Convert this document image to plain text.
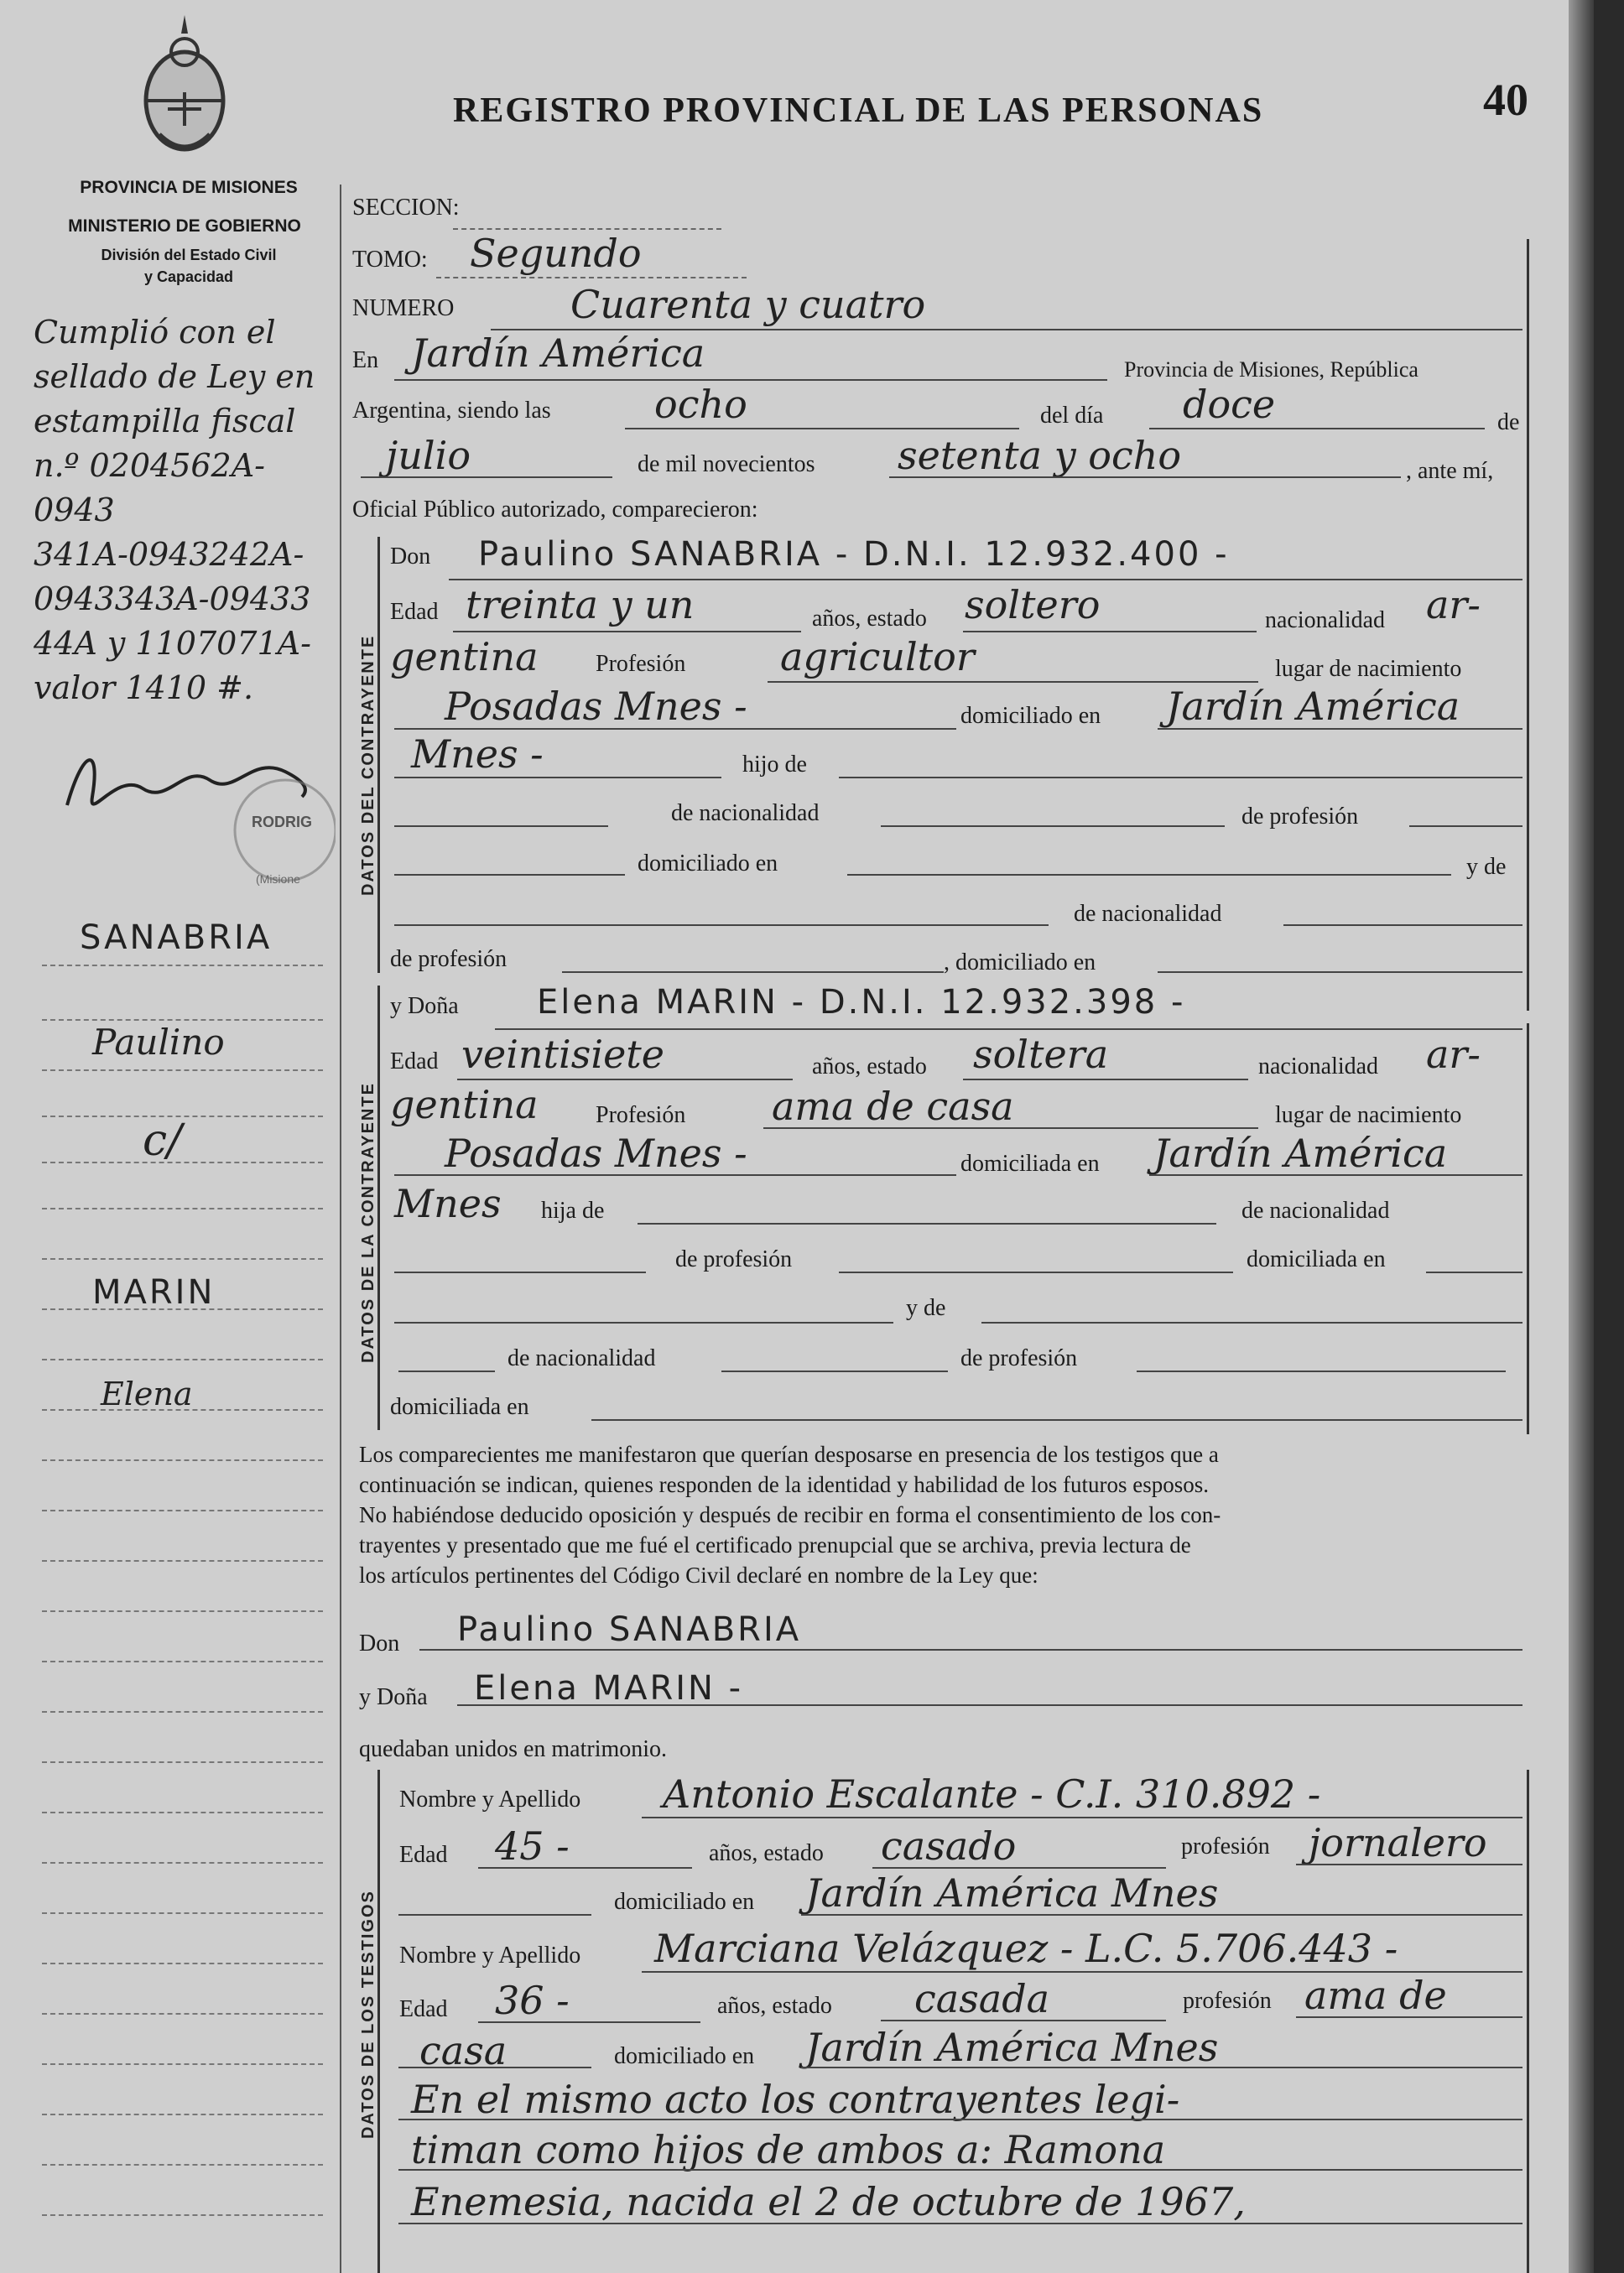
REGISTRO PROVINCIAL DE LAS PERSONAS	40
PROVINCIA DE MISIONES
MINISTERIO DE GOBIERNO
División del Estado Civil
y Capacidad
Cumplió con el
sellado de Ley en
estampilla fiscal
n.º 0204562A-0943
341A-0943242A-
0943343A-09433
44A y 1107071A-
valor 1410 #.
RODRIG
(Misione
SANABRIA
Paulino
c/
MARIN
Elena
SECCION:
TOMO: Segundo
NUMERO	Cuarenta y cuatro
En Jardín América	Provincia de Misiones, República
Argentina, siendo las	ocho	del día doce	de
julio	de mil novecientos setenta y ocho	, ante mí,
Oficial Público autorizado, comparecieron:
DATOS DEL CONTRAYENTE
Don Paulino SANABRIA - D.N.I. 12.932.400 -
Edad treinta y un	años, estado soltero	nacionalidad ar-
gentina Profesión agricultor	lugar de nacimiento
Posadas Mnes -	domiciliado en Jardín América
Mnes -	hijo de
de nacionalidad	de profesión
domiciliado en	y de
de nacionalidad
de profesión	, domiciliado en
DATOS DE LA CONTRAYENTE
y Doña Elena MARIN - D.N.I. 12.932.398 -
Edad veintisiete	años, estado soltera	nacionalidad ar-
gentina Profesión ama de casa	lugar de nacimiento
Posadas Mnes -	domiciliada en Jardín América
Mnes hija de	de nacionalidad
de profesión	domiciliada en
y de
de nacionalidad	de profesión
domiciliada en

Los comparecientes me manifestaron que querían desposarse en presencia de los testigos que a

continuación se indican, quienes responden de la identidad y habilidad de los futuros esposos.

No habiéndose deducido oposición y después de recibir en forma el consentimiento de los con-

trayentes y presentado que me fué el certificado prenupcial que se archiva, previa lectura de

los artículos pertinentes del Código Civil declaré en nombre de la Ley que:

Don Paulino SANABRIA
y Doña Elena MARIN -
quedaban unidos en matrimonio.
DATOS DE LOS TESTIGOS
Nombre y Apellido Antonio Escalante - C.I. 310.892 -
Edad 45 -	años, estado casado	profesión jornalero
domiciliado en Jardín América Mnes
Nombre y Apellido Marciana Velázquez - L.C. 5.706.443 -
Edad 36 -	años, estado casada	profesión ama de
casa	domiciliado en Jardín América Mnes
En el mismo acto los contrayentes legi-
timan como hijos de ambos a: Ramona
Enemesia, nacida el 2 de octubre de 1967,
